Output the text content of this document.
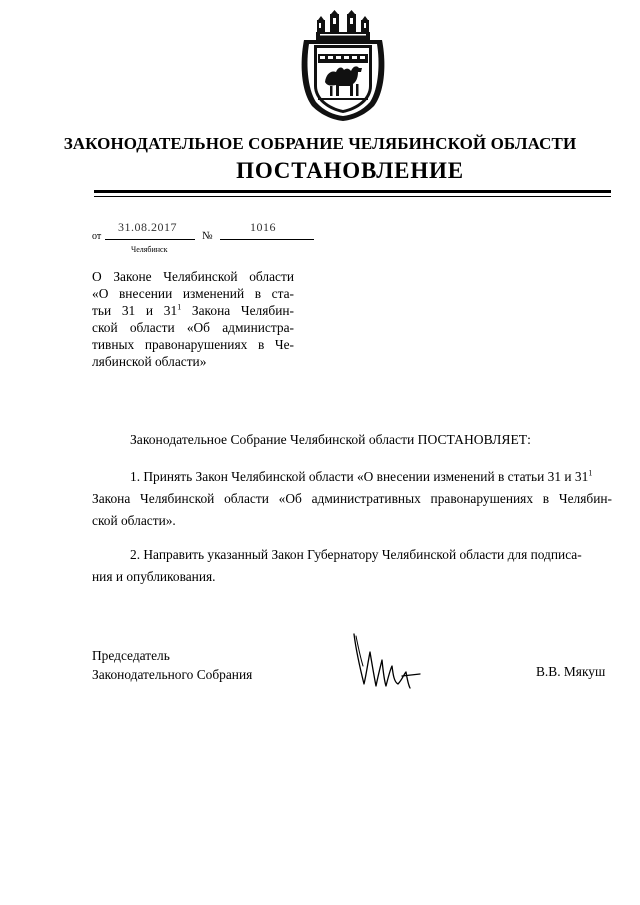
ЗАКОНОДАТЕЛЬНОЕ СОБРАНИЕ ЧЕЛЯБИНСКОЙ ОБЛАСТИ
ПОСТАНОВЛЕНИЕ
от
31.08.2017
№
1016
Челябинск
О Законе Челябинской области
«О внесении изменений в ста-
тьи 31 и $31^1$ Закона Челябин-
ской области «Об администра-
тивных правонарушениях в Че-
лябинской области»
Законодательное Собрание Челябинской области ПОСТАНОВЛЯЕТ:
1. Принять Закон Челябинской области «О внесении изменений в статьи 31 и $31^1$
Закона Челябинской области «Об административных правонарушениях в Челябин-
ской области».
2. Направить указанный Закон Губернатору Челябинской области для подписа-
ния и опубликования.
Председатель
Законодательного Собрания	В.В. Мякуш
